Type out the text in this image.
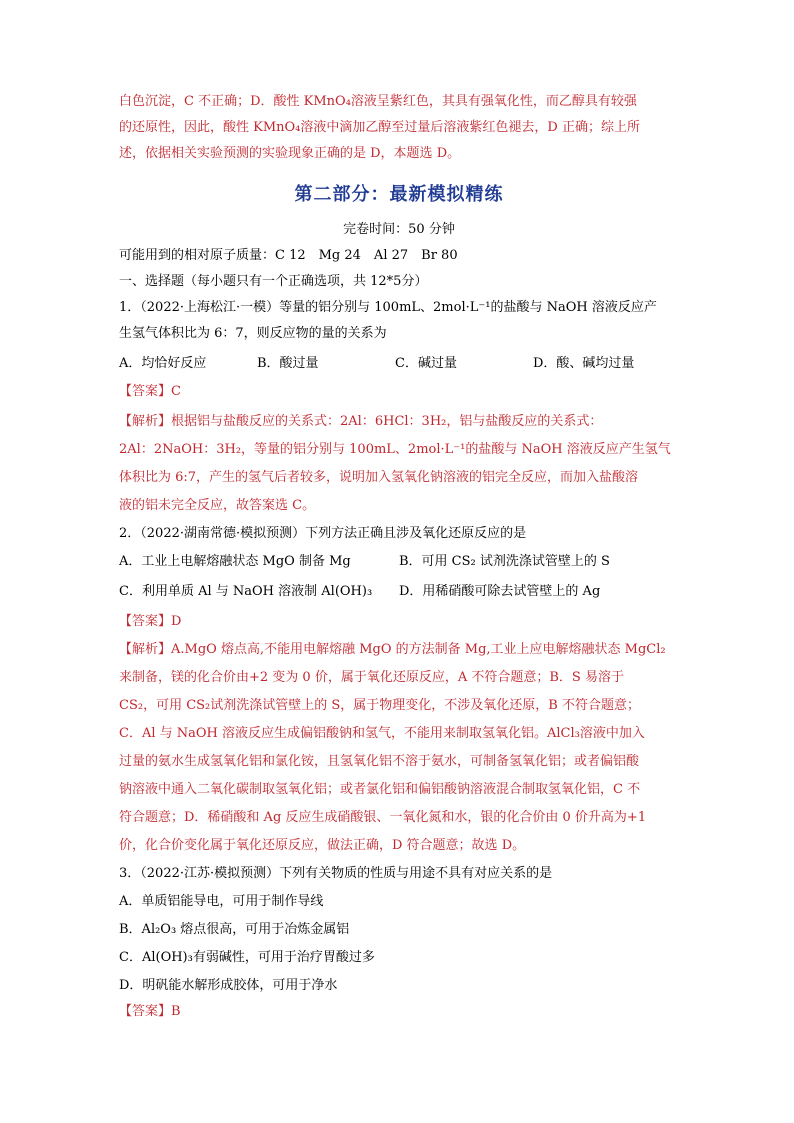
白色沉淀，C 不正确；D．酸性 KMnO₄溶液呈紫红色，其具有强氧化性，而乙醇具有较强
的还原性，因此，酸性 KMnO₄溶液中滴加乙醇至过量后溶液紫红色褪去，D 正确；综上所
述，依据相关实验预测的实验现象正确的是 D，本题选 D。
第二部分：最新模拟精练
完卷时间：50 分钟
可能用到的相对原子质量：C 12　Mg 24　Al 27　Br 80
一、选择题（每小题只有一个正确选项，共 12*5分）
1．（2022·上海松江·一模）等量的铝分别与 100mL、2mol·L⁻¹的盐酸与 NaOH 溶液反应产
生氢气体积比为 6：7，则反应物的量的关系为
A．均恰好反应	B．酸过量	C．碱过量	D．酸、碱均过量
【答案】C
【解析】根据铝与盐酸反应的关系式：2Al：6HCl：3H₂，铝与盐酸反应的关系式：
2Al：2NaOH：3H₂，等量的铝分别与 100mL、2mol·L⁻¹的盐酸与 NaOH 溶液反应产生氢气
体积比为 6:7，产生的氢气后者较多，说明加入氢氧化钠溶液的铝完全反应，而加入盐酸溶
液的铝未完全反应，故答案选 C。
2．（2022·湖南常德·模拟预测）下列方法正确且涉及氧化还原反应的是
A．工业上电解熔融状态 MgO 制备 Mg	B．可用 CS₂ 试剂洗涤试管壁上的 S
C．利用单质 Al 与 NaOH 溶液制 Al(OH)₃ D．用稀硝酸可除去试管壁上的 Ag
【答案】D
【解析】A.MgO 熔点高,不能用电解熔融 MgO 的方法制备 Mg,工业上应电解熔融状态 MgCl₂
来制备，镁的化合价由+2 变为 0 价，属于氧化还原反应，A 不符合题意；B．S 易溶于
CS₂，可用 CS₂试剂洗涤试管壁上的 S，属于物理变化，不涉及氧化还原，B 不符合题意；
C．Al 与 NaOH 溶液反应生成偏铝酸钠和氢气，不能用来制取氢氧化铝。AlCl₃溶液中加入
过量的氨水生成氢氧化铝和氯化铵，且氢氧化铝不溶于氨水，可制备氢氧化铝；或者偏铝酸
钠溶液中通入二氧化碳制取氢氧化铝；或者氯化铝和偏铝酸钠溶液混合制取氢氧化铝，C 不
符合题意；D．稀硝酸和 Ag 反应生成硝酸银、一氧化氮和水，银的化合价由 0 价升高为+1
价，化合价变化属于氧化还原反应，做法正确，D 符合题意；故选 D。
3．（2022·江苏·模拟预测）下列有关物质的性质与用途不具有对应关系的是
A．单质铝能导电，可用于制作导线
B．Al₂O₃ 熔点很高，可用于冶炼金属铝
C．Al(OH)₃有弱碱性，可用于治疗胃酸过多
D．明矾能水解形成胶体，可用于净水
【答案】B
